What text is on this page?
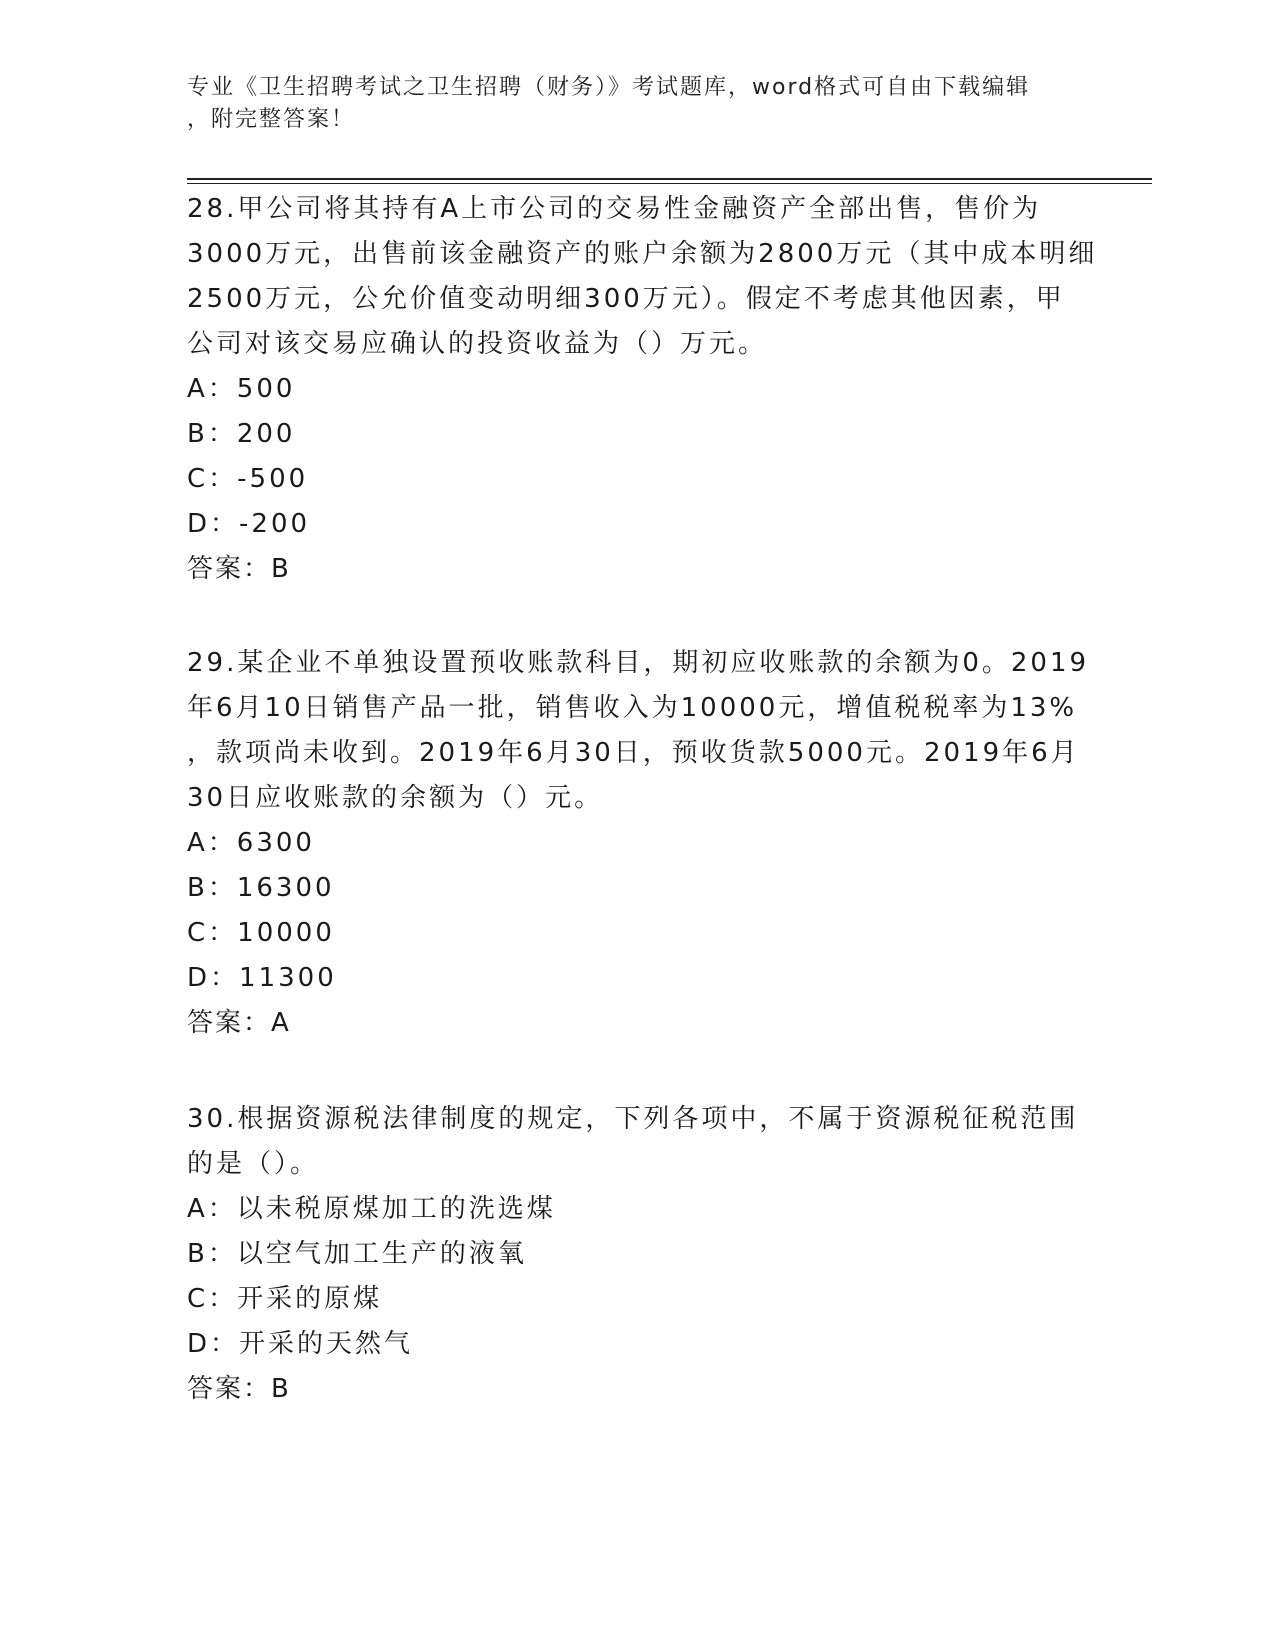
专业《卫生招聘考试之卫生招聘（财务）》考试题库，word格式可自由下载编辑
，附完整答案！
28.甲公司将其持有A上市公司的交易性金融资产全部出售，售价为
3000万元，出售前该金融资产的账户余额为2800万元（其中成本明细
2500万元，公允价值变动明细300万元）。假定不考虑其他因素，甲
公司对该交易应确认的投资收益为（）万元。
A：500
B：200
C：-500
D：-200
答案：B
29.某企业不单独设置预收账款科目，期初应收账款的余额为0。2019
年6月10日销售产品一批，销售收入为10000元，增值税税率为13%
，款项尚未收到。2019年6月30日，预收货款5000元。2019年6月
30日应收账款的余额为（）元。
A：6300
B：16300
C：10000
D：11300
答案：A
30.根据资源税法律制度的规定，下列各项中，不属于资源税征税范围
的是（）。
A：以未税原煤加工的洗选煤
B：以空气加工生产的液氧
C：开采的原煤
D：开采的天然气
答案：B
